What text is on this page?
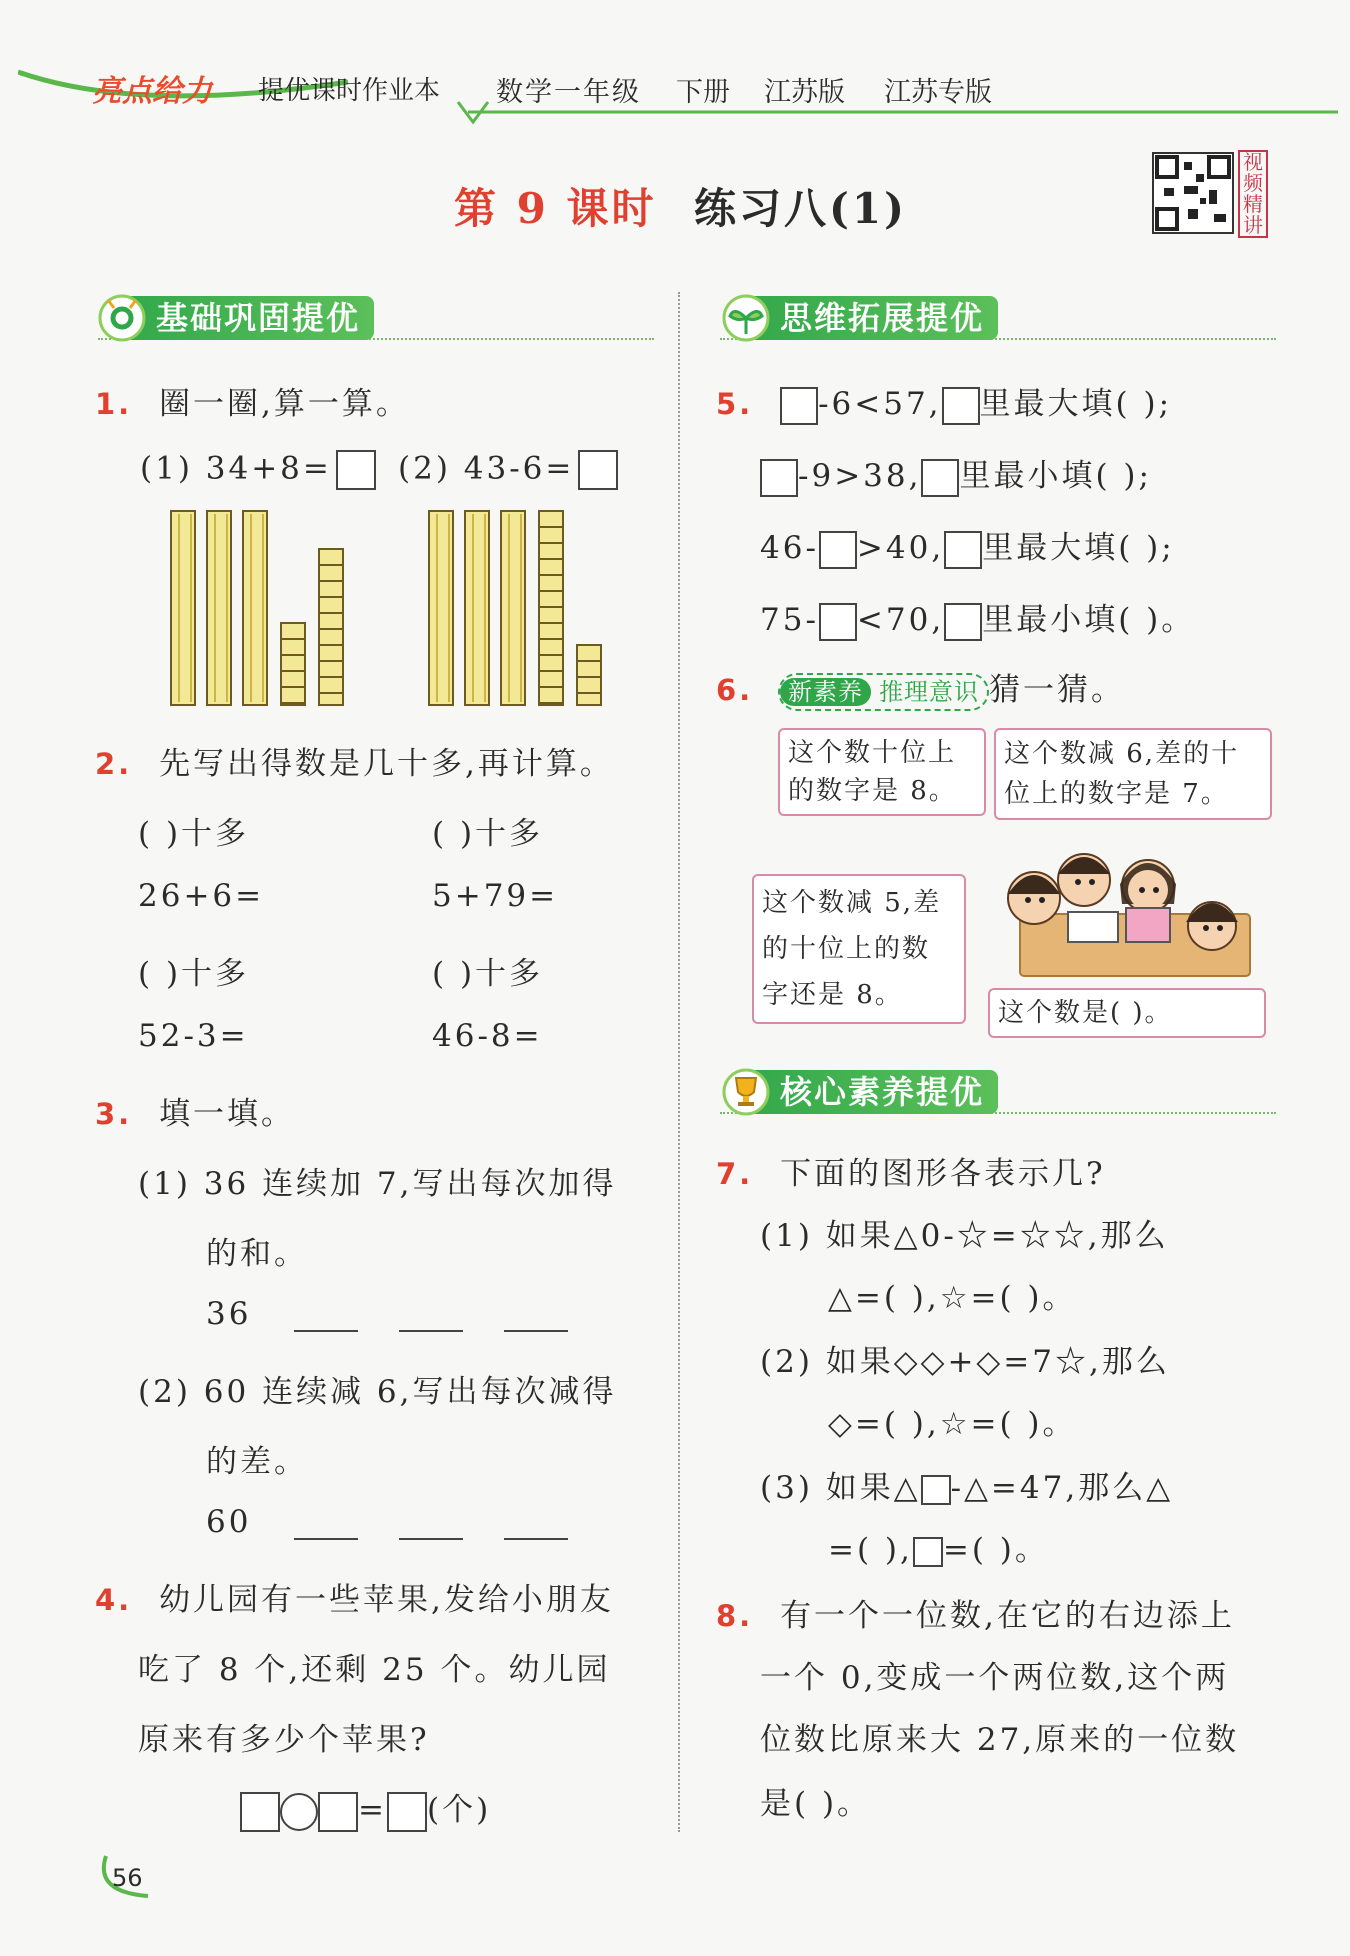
亮点给力 提优课时作业本 数学一年级 下册 江苏版 江苏专版
第 9 课时 练习八(1)
视频精讲
基础巩固提优
1. 圈一圈,算一算。
(1) 34+8=	(2) 43-6=
2. 先写出得数是几十多,再计算。
( )十多	( )十多
26+6=	5+79=
( )十多	( )十多
52-3=	46-8=
3. 填一填。
(1) 36 连续加 7,写出每次加得
的和。
36
(2) 60 连续减 6,写出每次减得
的差。
60
4. 幼儿园有一些苹果,发给小朋友
吃了 8 个,还剩 25 个。幼儿园
原来有多少个苹果?
= (个)
56
思维拓展提优
5. -6<57, 里最大填( );
-9>38, 里最小填( );
46- >40, 里最大填( );
75- <70, 里最小填( )。
6. 新素养 推理意识 猜一猜。
这个数十位上的数字是 8。
这个数减 6,差的十位上的数字是 7。
这个数减 5,差的十位上的数字还是 8。
这个数是( )。
核心素养提优
7. 下面的图形各表示几?
(1) 如果△0-☆=☆☆,那么
△=( ),☆=( )。
(2) 如果◇◇+◇=7☆,那么
◇=( ),☆=( )。
(3) 如果△ -△=47,那么△
=( ), =( )。
8. 有一个一位数,在它的右边添上
一个 0,变成一个两位数,这个两
位数比原来大 27,原来的一位数
是( )。
